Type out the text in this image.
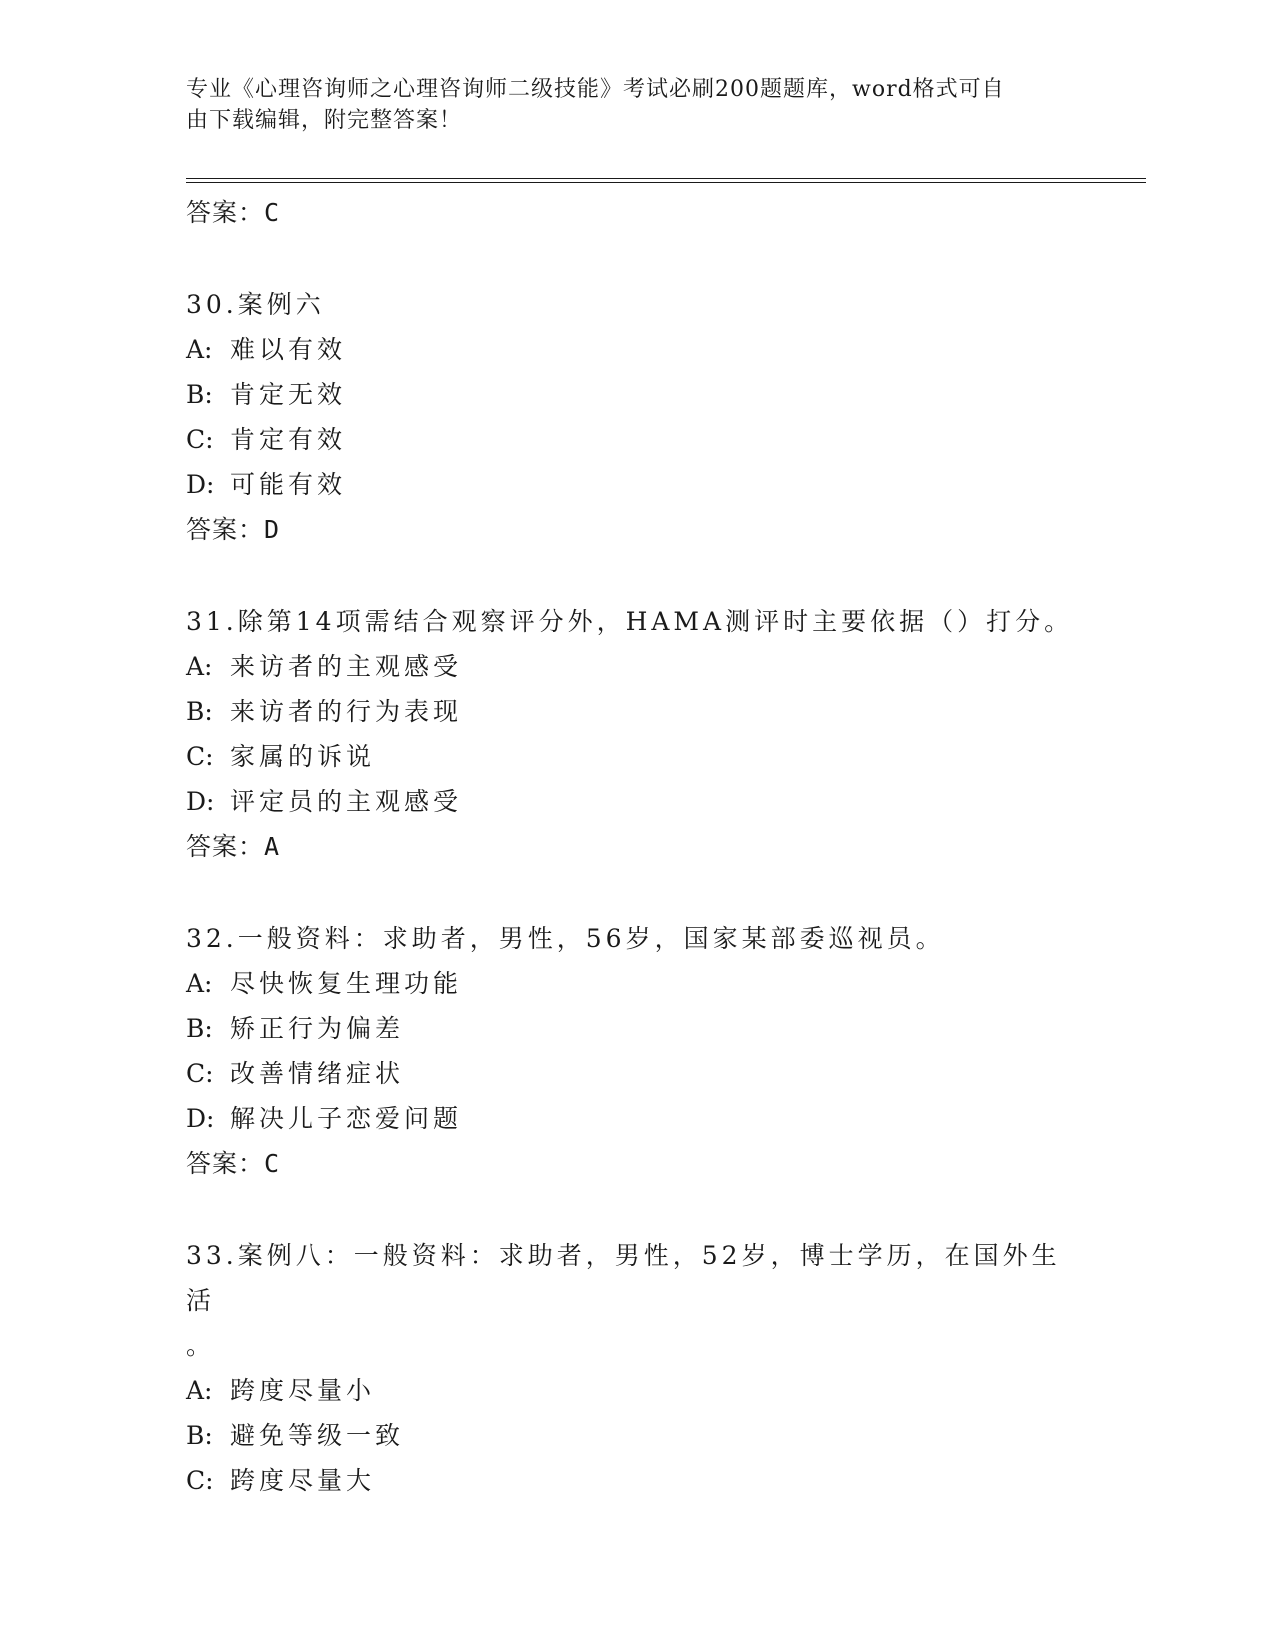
专业《心理咨询师之心理咨询师二级技能》考试必刷200题题库，word格式可自
由下载编辑，附完整答案！
答案：C
30.案例六
A: 难以有效
B: 肯定无效
C: 肯定有效
D: 可能有效
答案：D
31.除第14项需结合观察评分外，HAMA测评时主要依据（）打分。
A: 来访者的主观感受
B: 来访者的行为表现
C: 家属的诉说
D: 评定员的主观感受
答案：A
32.一般资料：求助者，男性，56岁，国家某部委巡视员。
A: 尽快恢复生理功能
B: 矫正行为偏差
C: 改善情绪症状
D: 解决儿子恋爱问题
答案：C
33.案例八：一般资料：求助者，男性，52岁，博士学历，在国外生活
。
A: 跨度尽量小
B: 避免等级一致
C: 跨度尽量大
